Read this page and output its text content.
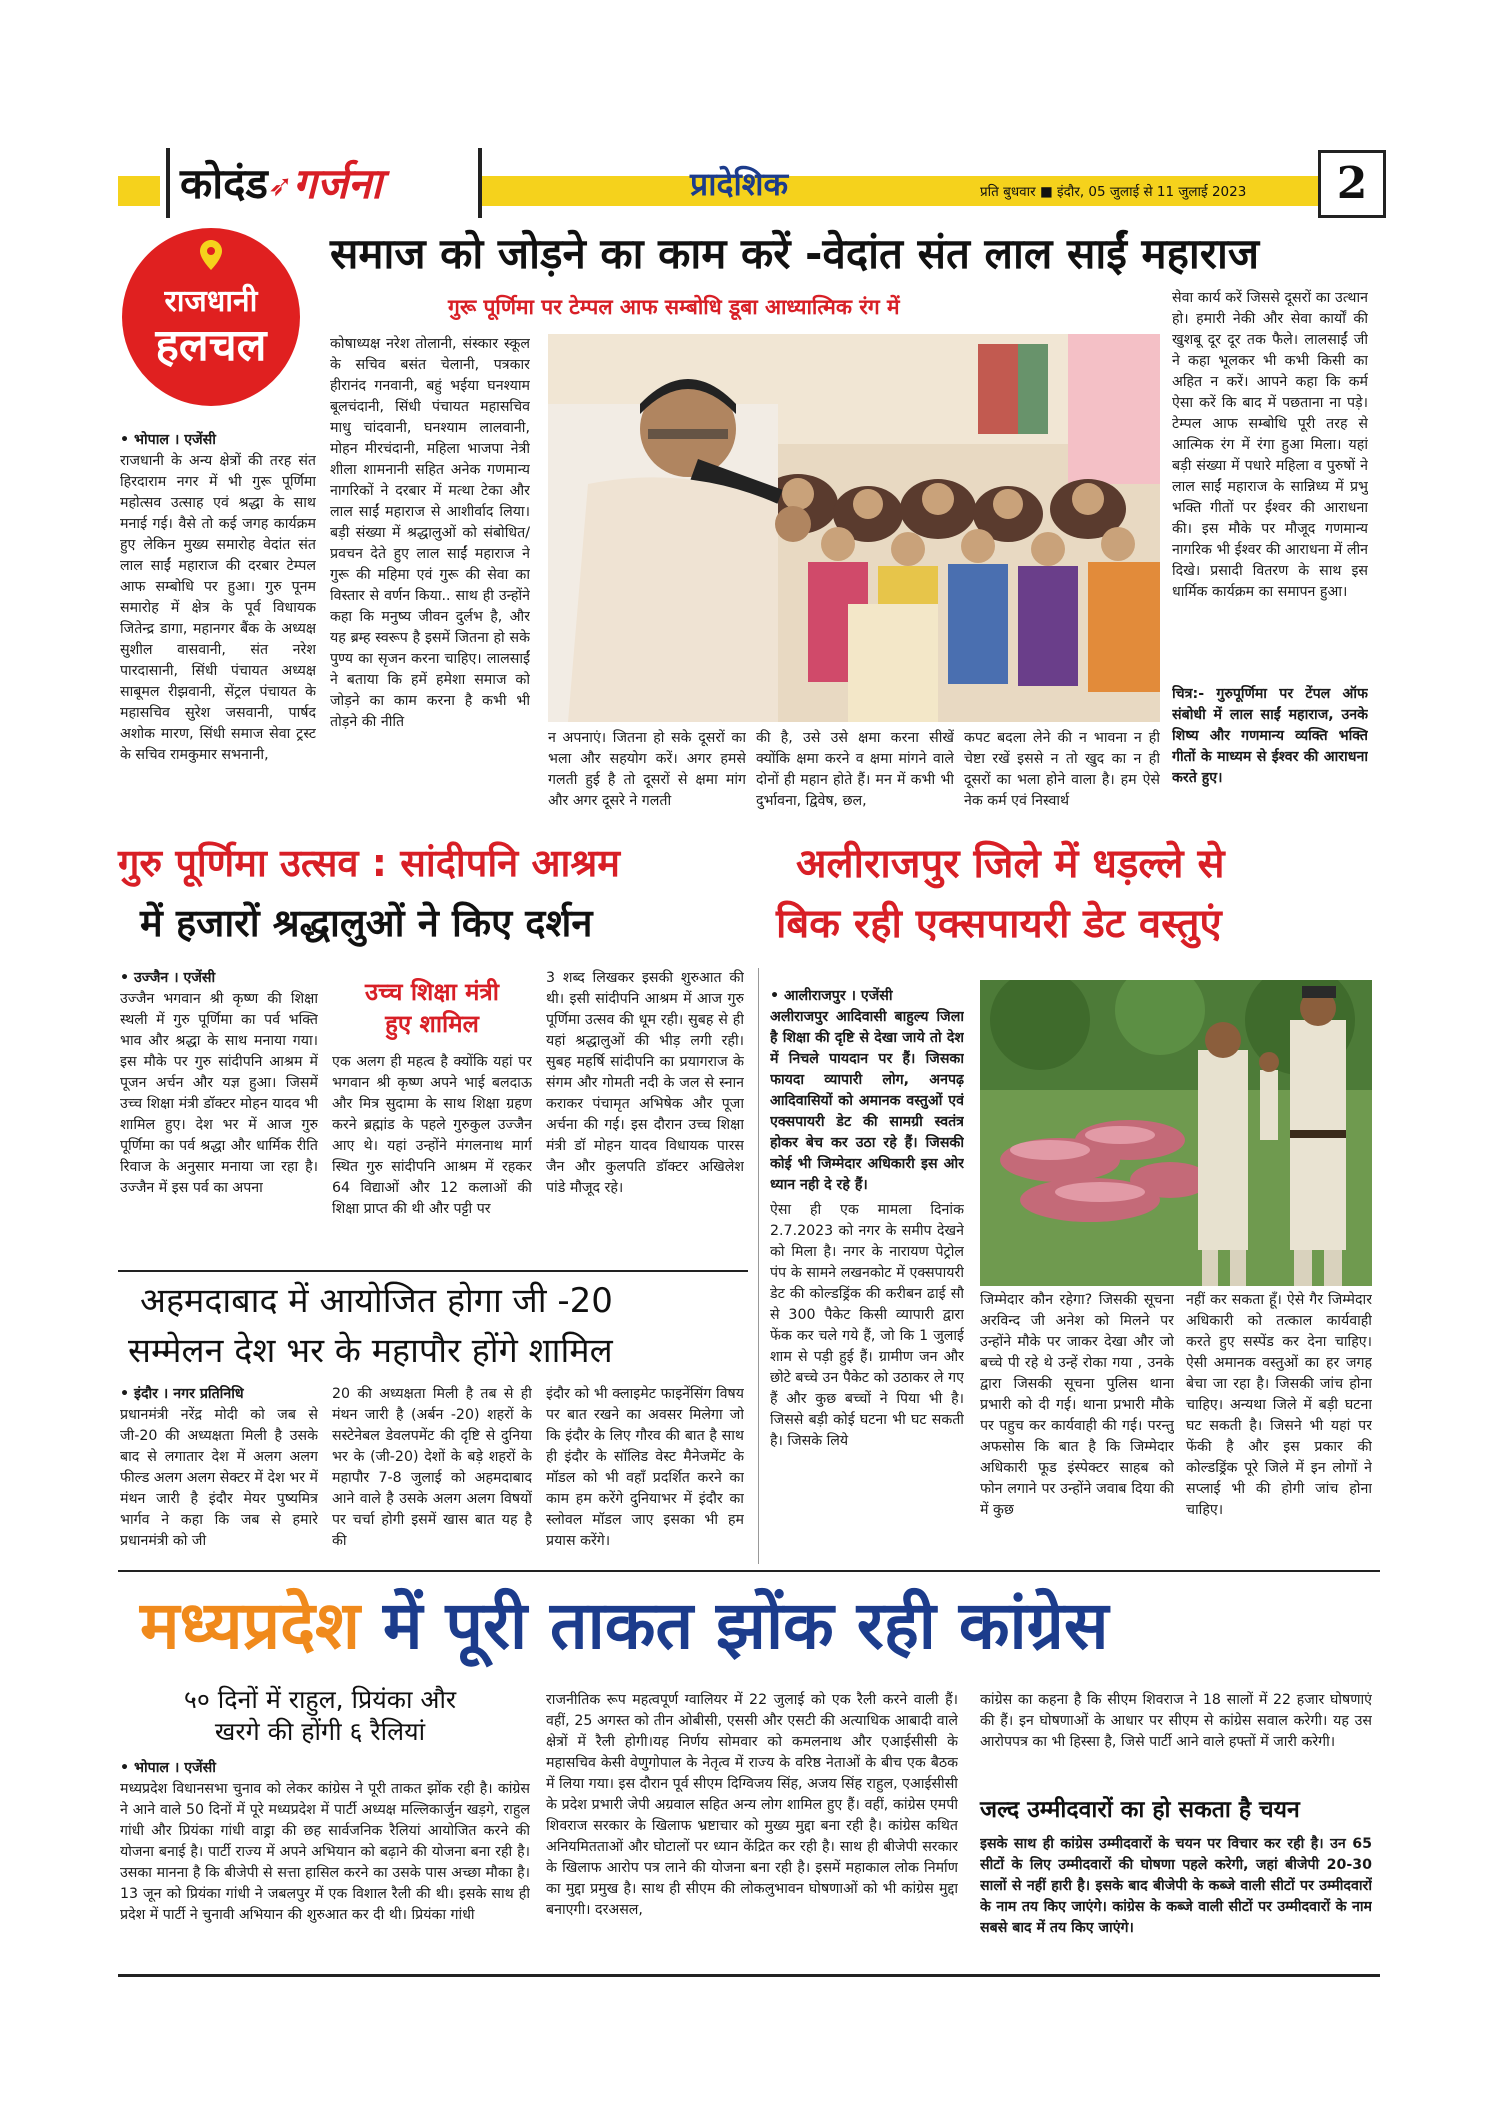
कोदंड➶गर्जना	प्रादेशिक	प्रति बुधवार ■ इंदौर, 05 जुलाई से 11 जुलाई 2023	2
राजधानी
हलचल
समाज को जोड़ने का काम करें -वेदांत संत लाल साईं महाराज
गुरू पूर्णिमा पर टेम्पल आफ सम्बोधि डूबा आध्यात्मिक रंग में

• भोपाल । एजेंसी

राजधानी के अन्य क्षेत्रों की तरह संत हिरदाराम नगर में भी गुरू पूर्णिमा महोत्सव उत्साह एवं श्रद्धा के साथ मनाई गई। वैसे तो कई जगह कार्यक्रम हुए लेकिन मुख्य समारोह वेदांत संत लाल साईं महाराज की दरबार टेम्पल आफ सम्बोधि पर हुआ। गुरु पूनम समारोह में क्षेत्र के पूर्व विधायक जितेन्द्र डागा, महानगर बैंक के अध्यक्ष सुशील वासवानी, संत नरेश पारदासानी, सिंधी पंचायत अध्यक्ष साबूमल रीझवानी, सेंट्रल पंचायत के महासचिव सुरेश जसवानी, पार्षद अशोक मारण, सिंधी समाज सेवा ट्रस्ट के सचिव रामकुमार सभनानी,

कोषाध्यक्ष नरेश तोलानी, संस्कार स्कूल के सचिव बसंत चेलानी, पत्रकार हीरानंद गनवानी, बहुं भईया घनश्याम बूलचंदानी, सिंधी पंचायत महासचिव माधु चांदवानी, घनश्याम लालवानी, मोहन मीरचंदानी, महिला भाजपा नेत्री शीला शामनानी सहित अनेक गणमान्य नागरिकों ने दरबार में मत्था टेका और लाल साईं महाराज से आशीर्वाद लिया।बड़ी संख्या में श्रद्धालुओं को संबोधित/प्रवचन देते हुए लाल साईं महाराज ने गुरू की महिमा एवं गुरू की सेवा का विस्तार से वर्णन किया.. साथ ही उन्होंने कहा कि मनुष्य जीवन दुर्लभ है, और यह ब्रम्ह स्वरूप है इसमें जितना हो सके पुण्य का सृजन करना चाहिए। लालसाईं ने बताया कि हमें हमेशा समाज को जोड़ने का काम करना है कभी भी तोड़ने की नीति

न अपनाएं। जितना हो सके दूसरों का भला और सहयोग करें। अगर हमसे गलती हुई है तो दूसरों से क्षमा मांग और अगर दूसरे ने गलती

की है, उसे उसे क्षमा करना सीखें क्योंकि क्षमा करने व क्षमा मांगने वाले दोनों ही महान होते हैं। मन में कभी भी दुर्भावना, द्विवेष, छल,

कपट बदला लेने की न भावना न ही चेष्टा रखें इससे न तो खुद का न ही दूसरों का भला होने वाला है। हम ऐसे नेक कर्म एवं निस्वार्थ

सेवा कार्य करें जिससे दूसरों का उत्थान हो। हमारी नेकी और सेवा कार्यों की खुशबू दूर दूर तक फैले। लालसाईं जी ने कहा भूलकर भी कभी किसी का अहित न करें। आपने कहा कि कर्म ऐसा करें कि बाद में पछताना ना पड़े। टेम्पल आफ सम्बोधि पूरी तरह से आत्मिक रंग में रंगा हुआ मिला। यहां बड़ी संख्या में पधारे महिला व पुरुषों ने लाल साईं महाराज के सान्निध्य में प्रभु भक्ति गीतों पर ईश्वर की आराधना की। इस मौके पर मौजूद गणमान्य नागरिक भी ईश्वर की आराधना में लीन दिखे। प्रसादी वितरण के साथ इस धार्मिक कार्यक्रम का समापन हुआ।

चित्र:- गुरुपूर्णिमा पर टेंपल ऑफ संबोधी में लाल साईं महाराज, उनके शिष्य और गणमान्य व्यक्ति भक्ति गीतों के माध्यम से ईश्वर की आराधना करते हुए।

गुरु पूर्णिमा उत्सव : सांदीपनि आश्रम
में हजारों श्रद्धालुओं ने किए दर्शन

• उज्जैन । एजेंसी

उज्जैन भगवान श्री कृष्ण की शिक्षा स्थली में गुरु पूर्णिमा का पर्व भक्ति भाव और श्रद्धा के साथ मनाया गया। इस मौके पर गुरु सांदीपनि आश्रम में पूजन अर्चन और यज्ञ हुआ। जिसमें उच्च शिक्षा मंत्री डॉक्टर मोहन यादव भी शामिल हुए। देश भर में आज गुरु पूर्णिमा का पर्व श्रद्धा और धार्मिक रीति रिवाज के अनुसार मनाया जा रहा है। उज्जैन में इस पर्व का अपना

उच्च शिक्षा मंत्री
हुए शामिल

एक अलग ही महत्व है क्योंकि यहां पर भगवान श्री कृष्ण अपने भाई बलदाऊ और मित्र सुदामा के साथ शिक्षा ग्रहण करने ब्रह्मांड के पहले गुरुकुल उज्जैन आए थे। यहां उन्होंने मंगलनाथ मार्ग स्थित गुरु सांदीपनि आश्रम में रहकर 64 विद्याओं और 12 कलाओं की शिक्षा प्राप्त की थी और पट्टी पर

3 शब्द लिखकर इसकी शुरुआत की थी। इसी सांदीपनि आश्रम में आज गुरु पूर्णिमा उत्सव की धूम रही। सुबह से ही यहां श्रद्धालुओं की भीड़ लगी रही। सुबह महर्षि सांदीपनि का प्रयागराज के संगम और गोमती नदी के जल से स्नान कराकर पंचामृत अभिषेक और पूजा अर्चना की गई। इस दौरान उच्च शिक्षा मंत्री डॉ मोहन यादव विधायक पारस जैन और कुलपति डॉक्टर अखिलेश पांडे मौजूद रहे।

अहमदाबाद में आयोजित होगा जी -20
सम्मेलन देश भर के महापौर होंगे शामिल

• इंदौर । नगर प्रतिनिधि

प्रधानमंत्री नरेंद्र मोदी को जब से जी-20 की अध्यक्षता मिली है उसके बाद से लगातार देश में अलग अलग फील्ड अलग अलग सेक्टर में देश भर में मंथन जारी है इंदौर मेयर पुष्यमित्र भार्गव ने कहा कि जब से हमारे प्रधानमंत्री को जी

20 की अध्यक्षता मिली है तब से ही मंथन जारी है (अर्बन -20) शहरों के सस्टेनेबल डेवलपमेंट की दृष्टि से दुनिया भर के (जी-20) देशों के बड़े शहरों के महापौर 7-8 जुलाई को अहमदाबाद आने वाले है उसके अलग अलग विषयों पर चर्चा होगी इसमें खास बात यह है की

इंदौर को भी क्लाइमेट फाइनेंसिंग विषय पर बात रखने का अवसर मिलेगा जो कि इंदौर के लिए गौरव की बात है साथ ही इंदौर के सॉलिड वेस्ट मैनेजमेंट के मॉडल को भी वहाँ प्रदर्शित करने का काम हम करेंगे दुनियाभर में इंदौर का स्लोवल मॉडल जाए इसका भी हम प्रयास करेंगे।

अलीराजपुर जिले में धड़ल्ले से
बिक रही एक्सपायरी डेट वस्तुएं

• आलीराजपुर । एजेंसी

अलीराजपुर आदिवासी बाहुल्य जिला है शिक्षा की दृष्टि से देखा जाये तो देश में निचले पायदान पर हैं। जिसका फायदा व्यापारी लोग, अनपढ़ आदिवासियों को अमानक वस्तुओं एवं एक्सपायरी डेट की सामग्री स्वतंत्र होकर बेच कर उठा रहे हैं। जिसकी कोई भी जिम्मेदार अधिकारी इस ओर ध्यान नही दे रहे हैं।

ऐसा ही एक मामला दिनांक 2.7.2023 को नगर के समीप देखने को मिला है। नगर के नारायण पेट्रोल पंप के सामने लखनकोट में एक्सपायरी डेट की कोल्डड्रिंक की करीबन ढाई सौ से 300 पैकेट किसी व्यापारी द्वारा फेंक कर चले गये हैं, जो कि 1 जुलाई शाम से पड़ी हुई हैं। ग्रामीण जन और छोटे बच्चे उन पैकेट को उठाकर ले गए हैं और कुछ बच्चों ने पिया भी है। जिससे बड़ी कोई घटना भी घट सकती है। जिसके लिये

जिम्मेदार कौन रहेगा? जिसकी सूचना अरविन्द जी अनेश को मिलने पर उन्होंने मौके पर जाकर देखा और जो बच्चे पी रहे थे उन्हें रोका गया , उनके द्वारा जिसकी सूचना पुलिस थाना प्रभारी को दी गई। थाना प्रभारी मौके पर पहुच कर कार्यवाही की गई। परन्तु अफसोस कि बात है कि जिम्मेदार अधिकारी फूड इंस्पेक्टर साहब को फोन लगाने पर उन्होंने जवाब दिया की में कुछ

नहीं कर सकता हूँ। ऐसे गैर जिम्मेदार अधिकारी को तत्काल कार्यवाही करते हुए सस्पेंड कर देना चाहिए। ऐसी अमानक वस्तुओं का हर जगह बेचा जा रहा है। जिसकी जांच होना चाहिए। अन्यथा जिले में बड़ी घटना घट सकती है। जिसने भी यहां पर फेंकी है और इस प्रकार की कोल्डड्रिंक पूरे जिले में इन लोगों ने सप्लाई भी की होगी जांच होना चाहिए।

मध्यप्रदेश में पूरी ताकत झोंक रही कांग्रेस
५० दिनों में राहुल, प्रियंका और
खरगे की होंगी ६ रैलियां

• भोपाल । एजेंसी

मध्यप्रदेश विधानसभा चुनाव को लेकर कांग्रेस ने पूरी ताकत झोंक रही है। कांग्रेस ने आने वाले 50 दिनों में पूरे मध्यप्रदेश में पार्टी अध्यक्ष मल्लिकार्जुन खड़गे, राहुल गांधी और प्रियंका गांधी वाड्रा की छह सार्वजनिक रैलियां आयोजित करने की योजना बनाई है। पार्टी राज्य में अपने अभियान को बढ़ाने की योजना बना रही है। उसका मानना है कि बीजेपी से सत्ता हासिल करने का उसके पास अच्छा मौका है। 13 जून को प्रियंका गांधी ने जबलपुर में एक विशाल रैली की थी। इसके साथ ही प्रदेश में पार्टी ने चुनावी अभियान की शुरुआत कर दी थी। प्रियंका गांधी

राजनीतिक रूप महत्वपूर्ण ग्वालियर में 22 जुलाई को एक रैली करने वाली हैं। वहीं, 25 अगस्त को तीन ओबीसी, एससी और एसटी की अत्याधिक आबादी वाले क्षेत्रों में रैली होगी।यह निर्णय सोमवार को कमलनाथ और एआईसीसी के महासचिव केसी वेणुगोपाल के नेतृत्व में राज्य के वरिष्ठ नेताओं के बीच एक बैठक में लिया गया। इस दौरान पूर्व सीएम दिग्विजय सिंह, अजय सिंह राहुल, एआईसीसी के प्रदेश प्रभारी जेपी अग्रवाल सहित अन्य लोग शामिल हुए हैं। वहीं, कांग्रेस एमपी शिवराज सरकार के खिलाफ भ्रष्टाचार को मुख्य मुद्दा बना रही है। कांग्रेस कथित अनियमितताओं और घोटालों पर ध्यान केंद्रित कर रही है। साथ ही बीजेपी सरकार के खिलाफ आरोप पत्र लाने की योजना बना रही है। इसमें महाकाल लोक निर्माण का मुद्दा प्रमुख है। साथ ही सीएम की लोकलुभावन घोषणाओं को भी कांग्रेस मुद्दा बनाएगी। दरअसल,

कांग्रेस का कहना है कि सीएम शिवराज ने 18 सालों में 22 हजार घोषणाएं की हैं। इन घोषणाओं के आधार पर सीएम से कांग्रेस सवाल करेगी। यह उस आरोपपत्र का भी हिस्सा है, जिसे पार्टी आने वाले हफ्तों में जारी करेगी।

जल्द उम्मीदवारों का हो सकता है चयन

इसके साथ ही कांग्रेस उम्मीदवारों के चयन पर विचार कर रही है। उन 65 सीटों के लिए उम्मीदवारों की घोषणा पहले करेगी, जहां बीजेपी 20-30 सालों से नहीं हारी है। इसके बाद बीजेपी के कब्जे वाली सीटों पर उम्मीदवारों के नाम तय किए जाएंगे। कांग्रेस के कब्जे वाली सीटों पर उम्मीदवारों के नाम सबसे बाद में तय किए जाएंगे।
